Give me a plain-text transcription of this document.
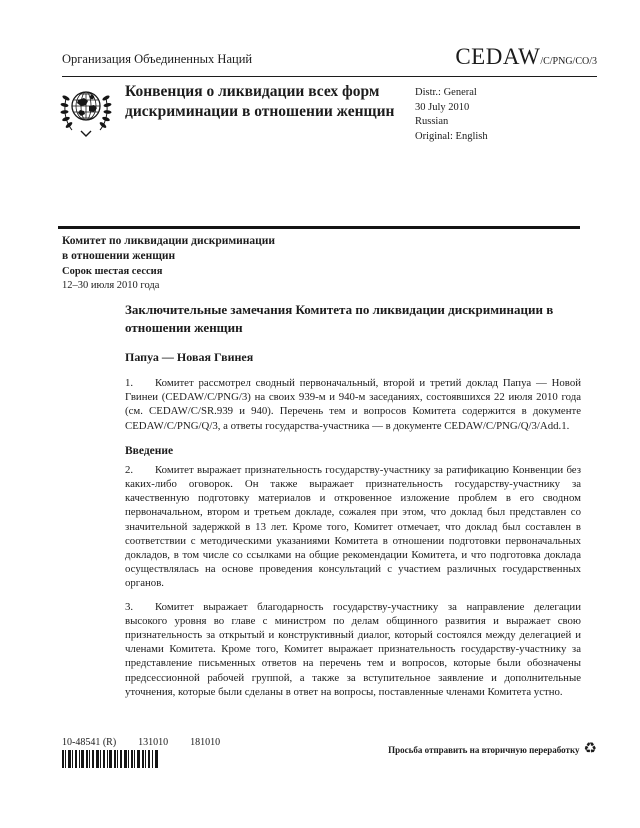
Организация Объединенных Наций	CEDAW/C/PNG/CO/3
Конвенция о ликвидации всех форм дискриминации в отношении женщин
Distr.: General
30 July 2010
Russian
Original: English
Комитет по ликвидации дискриминации
в отношении женщин
Сорок шестая сессия
12–30 июля 2010 года
Заключительные замечания Комитета по ликвидации дискриминации в отношении женщин
Папуа — Новая Гвинея

1. Комитет рассмотрел сводный первоначальный, второй и третий доклад Папуа — Новой Гвинеи (CEDAW/C/PNG/3) на своих 939-м и 940-м заседаниях, состоявшихся 22 июля 2010 года (см. CEDAW/C/SR.939 и 940). Перечень тем и вопросов Комитета содержится в документе CEDAW/C/PNG/Q/3, а ответы государства-участника — в документе CEDAW/C/PNG/Q/3/Add.1.

Введение

2. Комитет выражает признательность государству-участнику за ратификацию Конвенции без каких-либо оговорок. Он также выражает признательность государству-участнику за качественную подготовку материалов и откровенное изложение проблем в его сводном первоначальном, втором и третьем докладе, сожалея при этом, что доклад был представлен со значительной задержкой в 13 лет. Кроме того, Комитет отмечает, что доклад был составлен в соответствии с методическими указаниями Комитета в отношении подготовки первоначальных докладов, в том числе со ссылками на общие рекомендации Комитета, и что подготовка доклада осуществлялась на основе проведения консультаций с участием различных государственных органов.

3. Комитет выражает благодарность государству-участнику за направление делегации высокого уровня во главе с министром по делам общинного развития и выражает свою признательность за открытый и конструктивный диалог, который состоялся между делегацией и членами Комитета. Кроме того, Комитет выражает признательность государству-участнику за представление письменных ответов на перечень тем и вопросов, которые были обозначены предсессионной рабочей группой, а также за вступительное заявление и дополнительные уточнения, которые были сделаны в ответ на вопросы, поставленные членами Комитета устно.

10-48541 (R) 131010 181010
Просьба отправить на вторичную переработку ♻
